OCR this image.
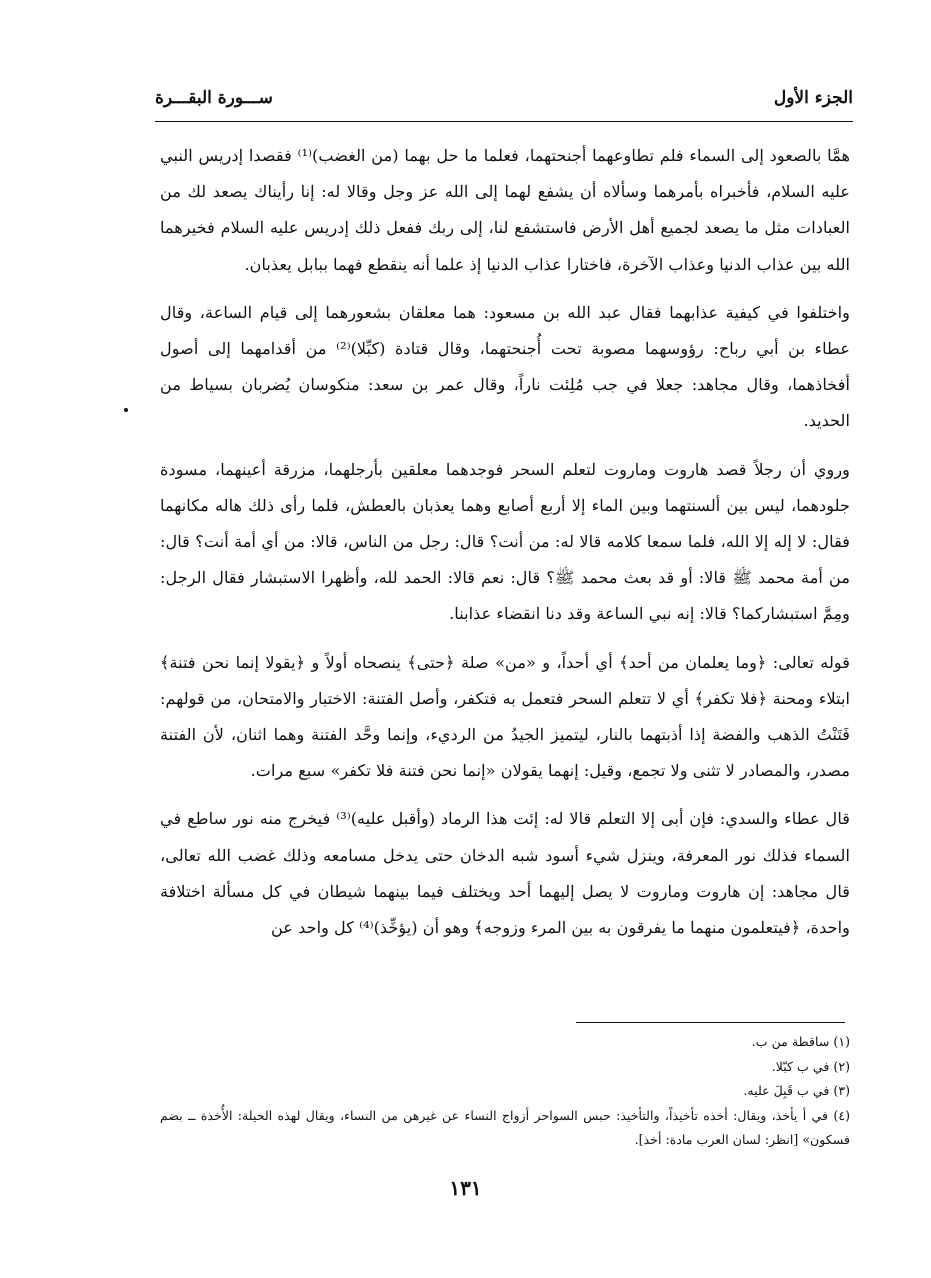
الجزء الأول
ســـورة البقـــرة

همَّا بالصعود إلى السماء فلم تطاوعهما أجنحتهما، فعلما ما حل بهما (من الغضب)⁽¹⁾ فقصدا إدريس النبي عليه السلام، فأخبراه بأمرهما وسألاه أن يشفع لهما إلى الله عز وجل وقالا له: إنا رأيناك يصعد لك من العبادات مثل ما يصعد لجميع أهل الأرض فاستشفع لنا، إلى ربك ففعل ذلك إدريس عليه السلام فخيرهما الله بين عذاب الدنيا وعذاب الآخرة، فاختارا عذاب الدنيا إذ علما أنه ينقطع فهما ببابل يعذبان.

واختلفوا في كيفية عذابهما فقال عبد الله بن مسعود: هما معلقان بشعورهما إلى قيام الساعة، وقال عطاء بن أبي رباح: رؤوسهما مصوبة تحت أُجنحتهما، وقال قتادة (كبِّلا)⁽²⁾ من أقدامهما إلى أصول أفخاذهما، وقال مجاهد: جعلا في جب مُلِئت ناراً، وقال عمر بن سعد: منكوسان يُضربان بسياط من الحديد.

وروي أن رجلاً قصد هاروت وماروت لتعلم السحر فوجدهما معلقين بأرجلهما، مزرقة أعينهما، مسودة جلودهما، ليس بين ألسنتهما وبين الماء إلا أربع أصابع وهما يعذبان بالعطش، فلما رأى ذلك هاله مكانهما فقال: لا إله إلا الله، فلما سمعا كلامه قالا له: من أنت؟ قال: رجل من الناس، قالا: من أي أمة أنت؟ قال: من أمة محمد ﷺ قالا: أو قد بعث محمد ﷺ؟ قال: نعم قالا: الحمد لله، وأظهرا الاستبشار فقال الرجل: ومِمَّ استبشاركما؟ قالا: إنه نبي الساعة وقد دنا انقضاء عذابنا.

قوله تعالى: ﴿وما يعلمان من أحد﴾ أي أحداً، و «من» صلة ﴿حتى﴾ ينصحاه أولاً و ﴿يقولا إنما نحن فتنة﴾ ابتلاء ومحنة ﴿فلا تكفر﴾ أي لا تتعلم السحر فتعمل به فتكفر، وأصل الفتنة: الاختبار والامتحان، من قولهم: فَتَنْتُ الذهب والفضة إذا أذبتهما بالنار، ليتميز الجيدُ من الرديء، وإنما وحَّد الفتنة وهما اثنان، لأن الفتنة مصدر، والمصادر لا تثنى ولا تجمع، وقيل: إنهما يقولان «إنما نحن فتنة فلا تكفر» سبع مرات.

قال عطاء والسدي: فإن أبى إلا التعلم قالا له: إئت هذا الرماد (وأقبل عليه)⁽³⁾ فيخرج منه نور ساطع في السماء فذلك نور المعرفة، وينزل شيء أسود شبه الدخان حتى يدخل مسامعه وذلك غضب الله تعالى، قال مجاهد: إن هاروت وماروت لا يصل إليهما أحد ويختلف فيما بينهما شيطان في كل مسألة اختلافة واحدة، ﴿فيتعلمون منهما ما يفرقون به بين المرء وزوجه﴾ وهو أن (يؤخِّذ)⁽⁴⁾ كل واحد عن

(١) ساقطة من ب.
(٢) في ب كبّلا.
(٣) في ب قَبِلَ عليه.
(٤) في أ يأخذ، ويقال: أخذه تأخيذاً، والتأخيذ: حبس السواحر أزواج النساء عن غيرهن من النساء، ويقال لهذه الحيلة: الأُخذة ــ بضم فسكون» [انظر: لسان العرب مادة: أخذ].
١٣١
